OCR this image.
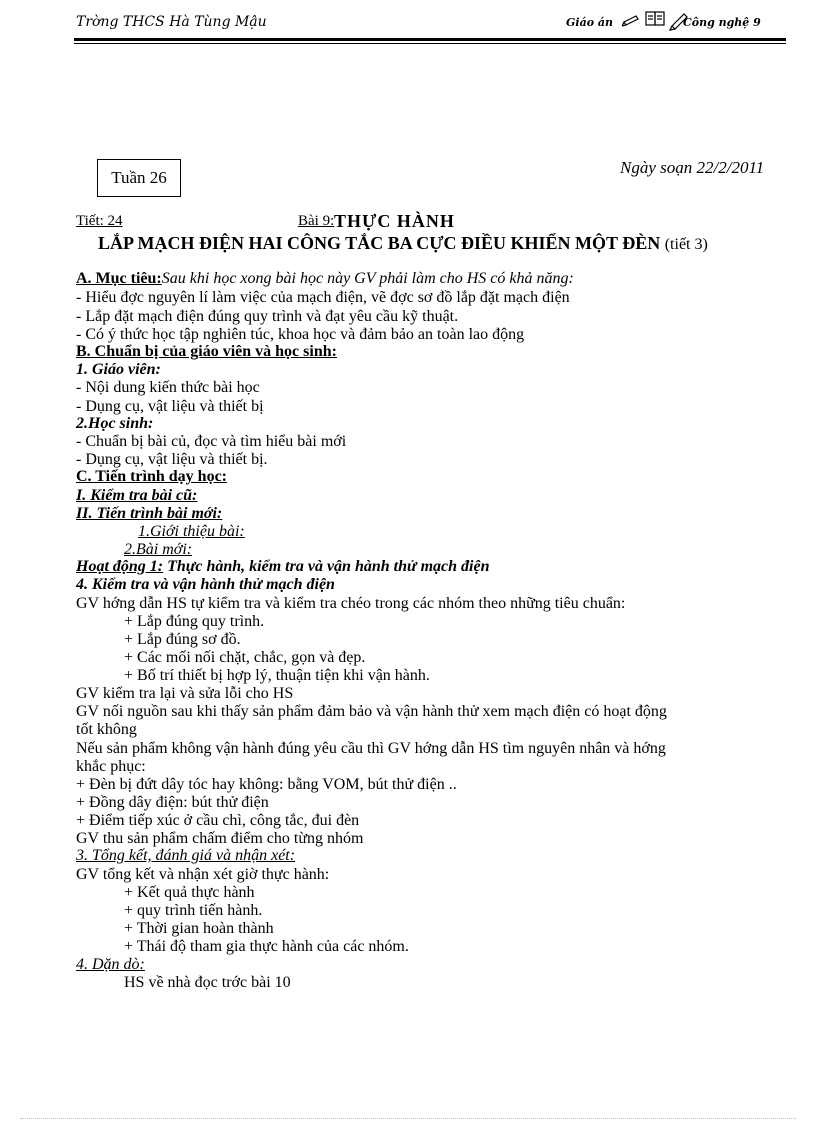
Trờng THCS Hà Tùng Mậu	Giáo án	Công nghệ 9
Tuần 26
Ngày soạn 22/2/2011
Tiết: 24	Bài 9: THỰC HÀNH
LẮP MẠCH ĐIỆN HAI CÔNG TẮC BA CỰC ĐIỀU KHIỂN MỘT ĐÈN (tiết 3)
A. Mục tiêu:Sau khi học xong bài học này GV phải làm cho HS có khả năng:
- Hiểu đợc nguyên lí làm việc của mạch điện, vẽ đợc sơ đồ lắp đặt mạch điện
- Lắp đặt mạch điện đúng quy trình và đạt yêu cầu kỹ thuật.
- Có ý thức học tập nghiên túc, khoa học và đảm bảo an toàn lao động
B. Chuẩn bị của giáo viên và học sinh:
1. Giáo viên:
- Nội dung kiến thức bài học
- Dụng cụ, vật liệu và thiết bị
2.Học sinh:
- Chuẩn bị bài củ, đọc và tìm hiểu bài mới
- Dụng cụ, vật liệu và thiết bị.
C. Tiến trình dạy học:
I. Kiểm tra bài cũ:
II. Tiến trình bài mới:
1.Giới thiệu bài:
2.Bài mới:
Hoạt động 1: Thực hành, kiểm tra và vận hành thử mạch điện
4. Kiểm tra và vận hành thử mạch điện
GV hớng dẫn HS tự kiểm tra và kiểm tra chéo trong các nhóm theo những tiêu chuẩn:
+ Lắp đúng quy trình.
+ Lắp đúng sơ đồ.
+ Các mối nối chặt, chắc, gọn và đẹp.
+ Bố trí thiết bị hợp lý, thuận tiện khi vận hành.
GV kiểm tra lại và sửa lỗi cho HS
GV nối nguồn sau khi thấy sản phẩm đảm bảo và vận hành thử xem mạch điện có hoạt động
tốt không
Nếu sản phẩm không vận hành đúng yêu cầu thì GV hớng dẫn HS tìm nguyên nhân và hớng
khắc phục:
+ Đèn bị đứt dây tóc hay không: bằng VOM, bút thử điện ..
+ Đồng dây điện: bút thử điện
+ Điểm tiếp xúc ở cầu chì, công tắc, đui đèn
GV thu sản phẩm chấm điểm cho từng nhóm
3. Tổng kết, đánh giá và nhận xét:
GV tổng kết và nhận xét giờ thực hành:
+ Kết quả thực hành
+ quy trình tiến hành.
+ Thời gian hoàn thành
+ Thái độ tham gia thực hành của các nhóm.
4. Dặn dò:
HS về nhà đọc trớc bài 10
